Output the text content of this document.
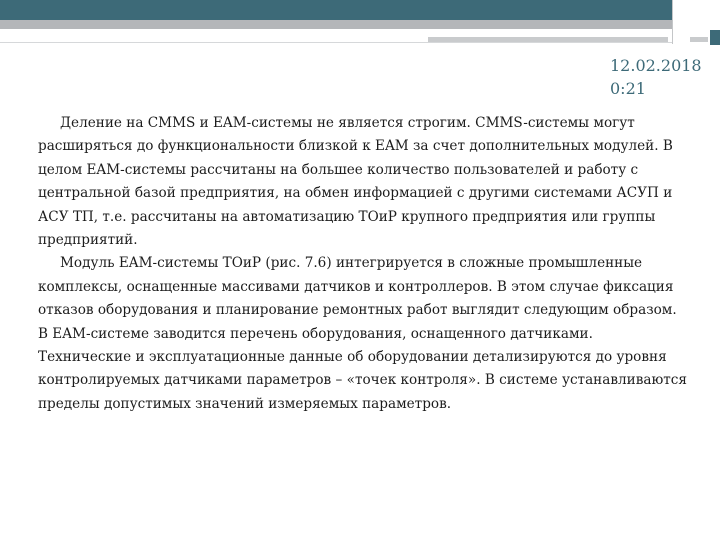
56
12.02.2018
0:21

Деление на CMMS и EAM-системы не является строгим. CMMS-системы могут расширяться до функциональности близкой к EAM за счет дополнительных модулей. В целом EAM-системы рассчитаны на большее количество пользователей и работу с центральной базой предприятия, на обмен информацией с другими системами АСУП и АСУ ТП, т.е. рассчитаны на автоматизацию ТОиР крупного предприятия или группы предприятий.

Модуль EAM-системы ТОиР (рис. 7.6) интегрируется в сложные промышленные комплексы, оснащенные массивами датчиков и контроллеров. В этом случае фиксация отказов оборудования и планирование ремонтных работ выглядит следующим образом. В EAM-системе заводится перечень оборудования, оснащенного датчиками. Технические и эксплуатационные данные об оборудовании детализируются до уровня контролируемых датчиками параметров – «точек контроля». В системе устанавливаются пределы допустимых значений измеряемых параметров.
